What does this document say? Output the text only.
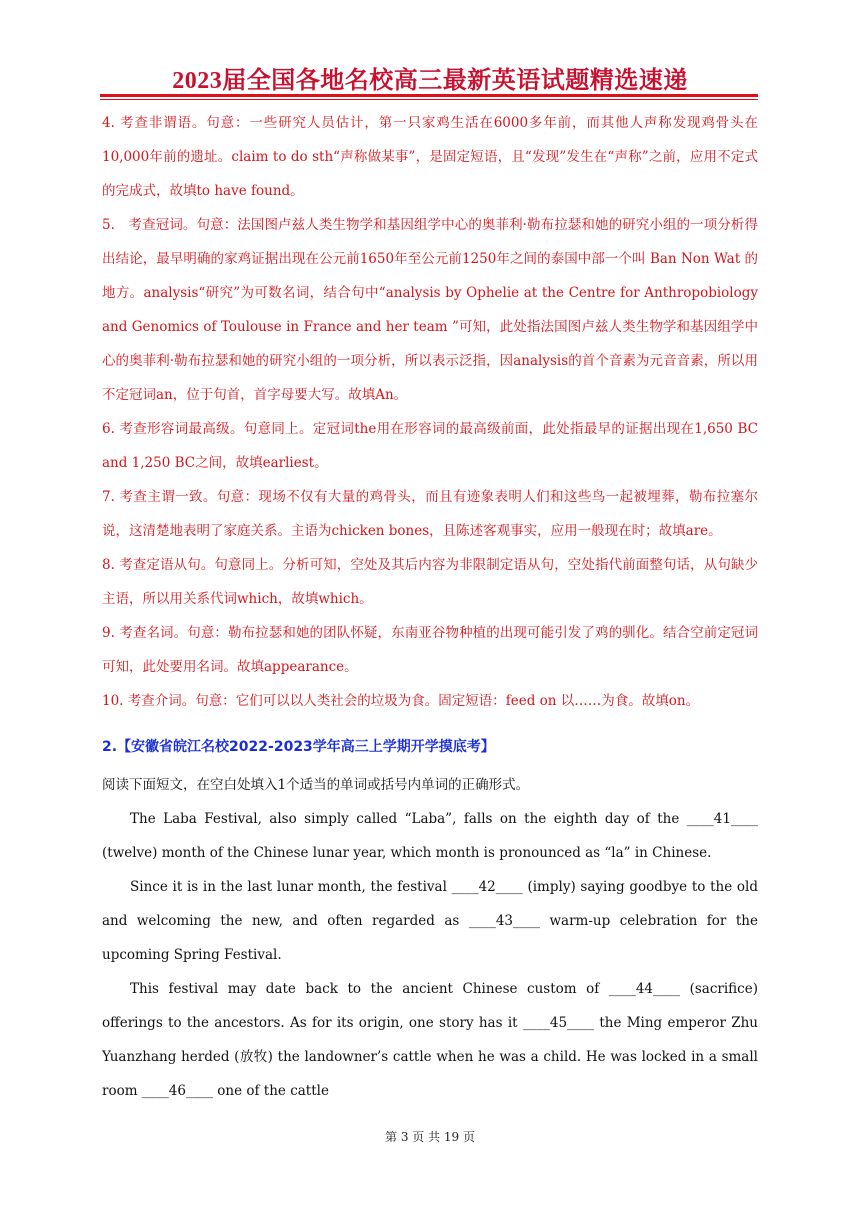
2023届全国各地名校高三最新英语试题精选速递

4. 考查非谓语。句意：一些研究人员估计，第一只家鸡生活在6000多年前，而其他人声称发现鸡骨头在10,000年前的遗址。claim to do sth“声称做某事”，是固定短语，且“发现”发生在“声称”之前，应用不定式的完成式，故填to have found。

5.　考查冠词。句意：法国图卢兹人类生物学和基因组学中心的奥菲利·勒布拉瑟和她的研究小组的一项分析得出结论，最早明确的家鸡证据出现在公元前1650年至公元前1250年之间的泰国中部一个叫 Ban Non Wat 的地方。analysis“研究”为可数名词，结合句中“analysis by Ophelie at the Centre for Anthropobiology and Genomics of Toulouse in France and her team ”可知，此处指法国图卢兹人类生物学和基因组学中心的奥菲利·勒布拉瑟和她的研究小组的一项分析，所以表示泛指，因analysis的首个音素为元音音素，所以用不定冠词an，位于句首，首字母要大写。故填An。

6. 考查形容词最高级。句意同上。定冠词the用在形容词的最高级前面，此处指最早的证据出现在1,650 BC and 1,250 BC之间，故填earliest。

7. 考查主谓一致。句意：现场不仅有大量的鸡骨头，而且有迹象表明人们和这些鸟一起被埋葬，勒布拉塞尔说，这清楚地表明了家庭关系。主语为chicken bones，且陈述客观事实，应用一般现在时；故填are。

8. 考查定语从句。句意同上。分析可知，空处及其后内容为非限制定语从句，空处指代前面整句话，从句缺少主语，所以用关系代词which，故填which。

9. 考查名词。句意：勒布拉瑟和她的团队怀疑，东南亚谷物种植的出现可能引发了鸡的驯化。结合空前定冠词可知，此处要用名词。故填appearance。

10. 考查介词。句意：它们可以以人类社会的垃圾为食。固定短语：feed on 以……为食。故填on。

2.【安徽省皖江名校2022-2023学年高三上学期开学摸底考】

阅读下面短文，在空白处填入1个适当的单词或括号内单词的正确形式。

The Laba Festival, also simply called “Laba”, falls on the eighth day of the ____41____ (twelve) month of the Chinese lunar year, which month is pronounced as “la” in Chinese.

Since it is in the last lunar month, the festival ____42____ (imply) saying goodbye to the old and welcoming the new, and often regarded as ____43____ warm-up celebration for the upcoming Spring Festival.

This festival may date back to the ancient Chinese custom of ____44____ (sacrifice) offerings to the ancestors. As for its origin, one story has it ____45____ the Ming emperor Zhu Yuanzhang herded (放牧) the landowner’s cattle when he was a child. He was locked in a small room ____46____ one of the cattle

第 3 页 共 19 页
